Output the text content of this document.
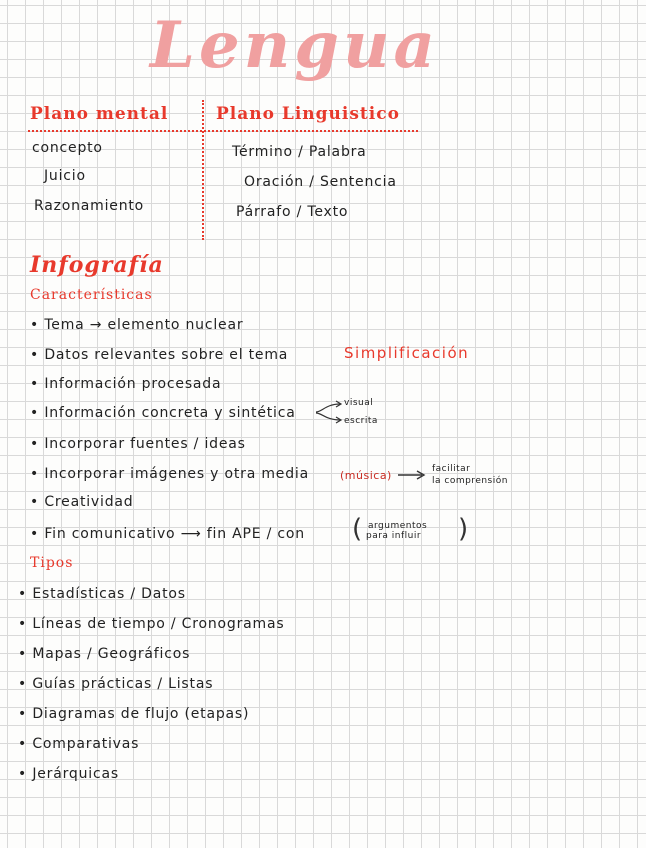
Lengua
Plano mental	Plano Linguistico
concepto	Término / Palabra
Juicio	Oración / Sentencia
Razonamiento	Párrafo / Texto
Infografía
Características
• Tema → elemento nuclear
• Datos relevantes sobre el tema	Simplificación
• Información procesada
• Información concreta y sintética
visual
escrita
• Incorporar fuentes / ideas
• Incorporar imágenes y otra media	(música)	facilitar
la comprensión
• Creatividad
• Fin comunicativo ⟶ fin APE / con ( argumentos
para influir )
Tipos
• Estadísticas / Datos
• Líneas de tiempo / Cronogramas
• Mapas / Geográficos
• Guías prácticas / Listas
• Diagramas de flujo (etapas)
• Comparativas
• Jerárquicas
